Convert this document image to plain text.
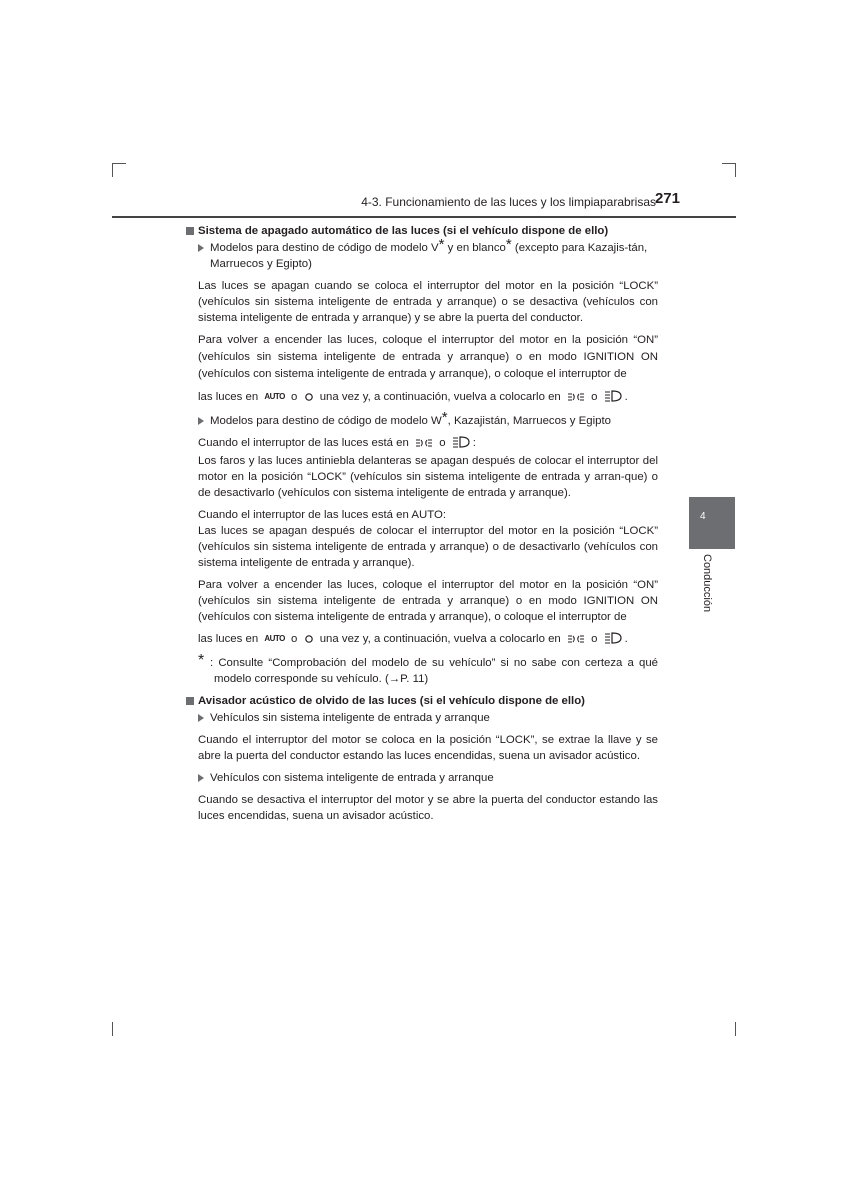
4-3. Funcionamiento de las luces y los limpiaparabrisas
271
4
Conducción
Sistema de apagado automático de las luces (si el vehículo dispone de ello)
Modelos para destino de código de modelo V* y en blanco* (excepto para Kazajis-tán, Marruecos y Egipto)

Las luces se apagan cuando se coloca el interruptor del motor en la posición “LOCK” (vehículos sin sistema inteligente de entrada y arranque) o se desactiva (vehículos con sistema inteligente de entrada y arranque) y se abre la puerta del conductor.

Para volver a encender las luces, coloque el interruptor del motor en la posición “ON” (vehículos sin sistema inteligente de entrada y arranque) o en modo IGNITION ON (vehículos con sistema inteligente de entrada y arranque), o coloque el interruptor de

las luces en AUTO o una vez y, a continuación, vuelva a colocarlo en	o .

Modelos para destino de código de modelo W*, Kazajistán, Marruecos y Egipto

Cuando el interruptor de las luces está en	o :

Los faros y las luces antiniebla delanteras se apagan después de colocar el interruptor del motor en la posición “LOCK” (vehículos sin sistema inteligente de entrada y arran-que) o de desactivarlo (vehículos con sistema inteligente de entrada y arranque).

Cuando el interruptor de las luces está en AUTO:

Las luces se apagan después de colocar el interruptor del motor en la posición “LOCK” (vehículos sin sistema inteligente de entrada y arranque) o de desactivarlo (vehículos con sistema inteligente de entrada y arranque).

Para volver a encender las luces, coloque el interruptor del motor en la posición “ON” (vehículos sin sistema inteligente de entrada y arranque) o en modo IGNITION ON (vehículos con sistema inteligente de entrada y arranque), o coloque el interruptor de

las luces en AUTO o una vez y, a continuación, vuelva a colocarlo en	o .

* : Consulte “Comprobación del modelo de su vehículo” si no sabe con certeza a qué modelo corresponde su vehículo. (→P. 11)

Avisador acústico de olvido de las luces (si el vehículo dispone de ello)
Vehículos sin sistema inteligente de entrada y arranque

Cuando el interruptor del motor se coloca en la posición “LOCK”, se extrae la llave y se abre la puerta del conductor estando las luces encendidas, suena un avisador acústico.

Vehículos con sistema inteligente de entrada y arranque

Cuando se desactiva el interruptor del motor y se abre la puerta del conductor estando las luces encendidas, suena un avisador acústico.
